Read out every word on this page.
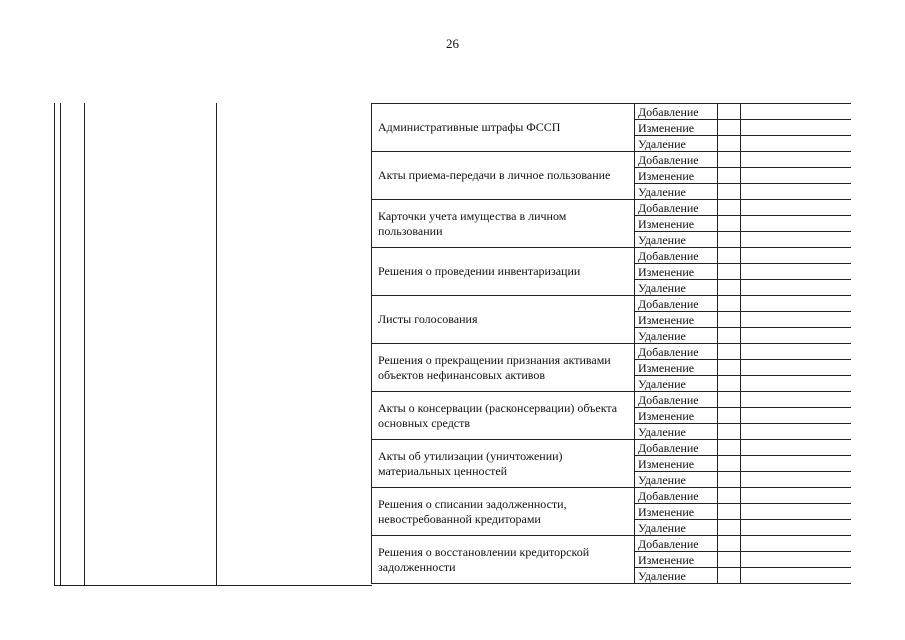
26
Административные штрафы ФССП	Добавление		
	Изменение		
	Удаление		
Акты приема-передачи в личное пользование	Добавление		
	Изменение		
	Удаление		
Карточки учета имущества в личном пользовании	Добавление		
	Изменение		
	Удаление		
Решения о проведении инвентаризации	Добавление		
	Изменение		
	Удаление		
Листы голосования	Добавление		
	Изменение		
	Удаление		
Решения о прекращении признания активами объектов нефинансовых активов	Добавление		
	Изменение		
	Удаление		
Акты о консервации (расконсервации) объекта основных средств	Добавление		
	Изменение		
	Удаление		
Акты об утилизации (уничтожении) материальных ценностей	Добавление		
	Изменение		
	Удаление		
Решения о списании задолженности, невостребованной кредиторами	Добавление		
	Изменение		
	Удаление		
Решения о восстановлении кредиторской задолженности	Добавление		
	Изменение		
	Удаление		
